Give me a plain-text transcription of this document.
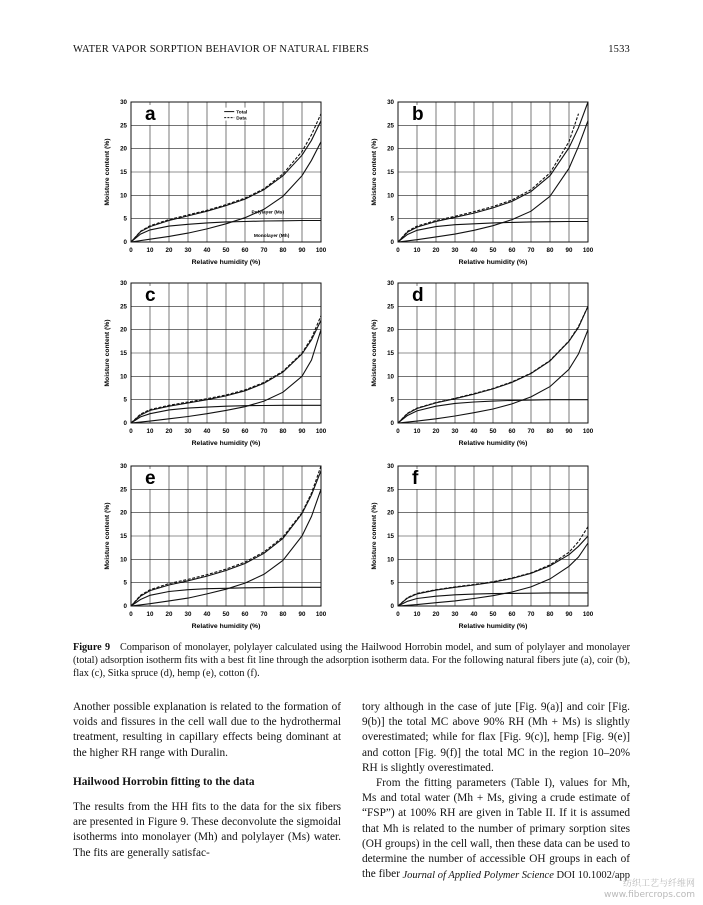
WATER VAPOR SORPTION BEHAVIOR OF NATURAL FIBERS	1533
0 10 20 30 40 50 60 70 80 90 100
0
5
10
15
20
25
30
Relative humidity (%)
Moisture content (%)
a	Total
Data
Polylayer (Ms)
Monolayer (Mh)
0 10 20 30 40 50 60 70 80 90 100
0
5
10
15
20
25
30
Relative humidity (%)
Moisture content (%)
b
0 10 20 30 40 50 60 70 80 90 100
0
5
10
15
20
25
30
Relative humidity (%)
Moisture content (%)
c
0 10 20 30 40 50 60 70 80 90 100
0
5
10
15
20
25
30
Relative humidity (%)
Moisture content (%)
d
0 10 20 30 40 50 60 70 80 90 100
0
5
10
15
20
25
30
Relative humidity (%)
Moisture content (%)
e
0 10 20 30 40 50 60 70 80 90 100
0
5
10
15
20
25
30
Relative humidity (%)
Moisture content (%)
f
Figure 9 Comparison of monolayer, polylayer calculated using the Hailwood Horrobin model, and sum of polylayer and monolayer (total) adsorption isotherm fits with a best fit line through the adsorption isotherm data. For the following natural fibers jute (a), coir (b), flax (c), Sitka spruce (d), hemp (e), cotton (f).

Another possible explanation is related to the formation of voids and fissures in the cell wall due to the hydrothermal treatment, resulting in capillary effects being dominant at the higher RH range with Duralin.

Hailwood Horrobin fitting to the data

The results from the HH fits to the data for the six fibers are presented in Figure 9. These deconvolute the sigmoidal isotherms into monolayer (Mh) and polylayer (Ms) water. The fits are generally satisfac-

tory although in the case of jute [Fig. 9(a)] and coir [Fig. 9(b)] the total MC above 90% RH (Mh + Ms) is slightly overestimated; while for flax [Fig. 9(c)], hemp [Fig. 9(e)] and cotton [Fig. 9(f)] the total MC in the region 10–20% RH is slightly overestimated.

From the fitting parameters (Table I), values for Mh, Ms and total water (Mh + Ms, giving a crude estimate of “FSP”) at 100% RH are given in Table II. If it is assumed that Mh is related to the number of primary sorption sites (OH groups) in the cell wall, then these data can be used to determine the number of accessible OH groups in each of the fiber Journal of Applied Polymer Science DOI 10.1002/app
纺织工艺与纤维网
www.fibercrops.com
